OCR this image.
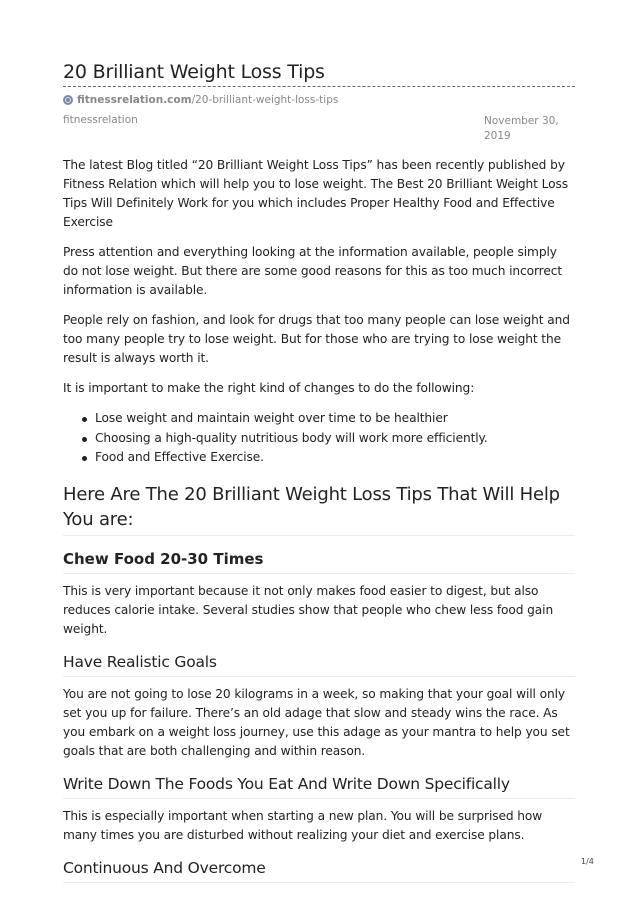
20 Brilliant Weight Loss Tips
fitnessrelation.com /20-brilliant-weight-loss-tips
fitnessrelation	November 30, 2019

The latest Blog titled “20 Brilliant Weight Loss Tips” has been recently published by Fitness Relation which will help you to lose weight. The Best 20 Brilliant Weight Loss Tips Will Definitely Work for you which includes Proper Healthy Food and Effective Exercise

Press attention and everything looking at the information available, people simply do not lose weight. But there are some good reasons for this as too much incorrect information is available.

People rely on fashion, and look for drugs that too many people can lose weight and too many people try to lose weight. But for those who are trying to lose weight the result is always worth it.

It is important to make the right kind of changes to do the following:

Lose weight and maintain weight over time to be healthier
Choosing a high-quality nutritious body will work more efficiently.
Food and Effective Exercise.
Here Are The 20 Brilliant Weight Loss Tips That Will Help You are:
Chew Food 20-30 Times

This is very important because it not only makes food easier to digest, but also reduces calorie intake. Several studies show that people who chew less food gain weight.

Have Realistic Goals

You are not going to lose 20 kilograms in a week, so making that your goal will only set you up for failure. There’s an old adage that slow and steady wins the race. As you embark on a weight loss journey, use this adage as your mantra to help you set goals that are both challenging and within reason.

Write Down The Foods You Eat And Write Down Specifically

This is especially important when starting a new plan. You will be surprised how many times you are disturbed without realizing your diet and exercise plans.

Continuous And Overcome	1/4
